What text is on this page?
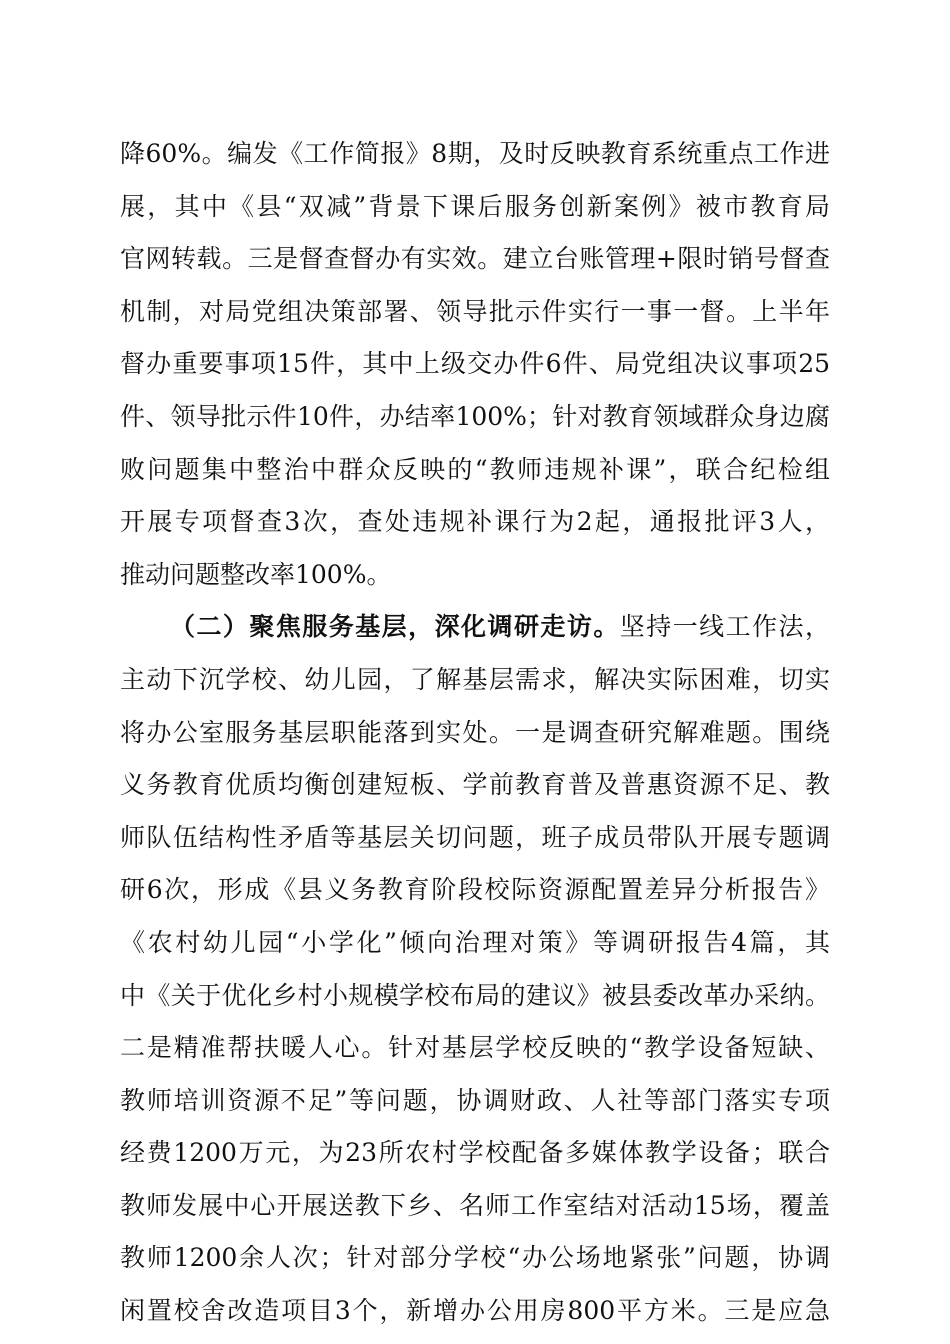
降60%。编发《工作简报》8期，及时反映教育系统重点工作进
展，其中《县“双减”背景下课后服务创新案例》被市教育局
官网转载。三是督查督办有实效。建立台账管理+限时销号督查
机制，对局党组决策部署、领导批示件实行一事一督。上半年
督办重要事项15件，其中上级交办件6件、局党组决议事项25
件、领导批示件10件，办结率100%；针对教育领域群众身边腐
败问题集中整治中群众反映的“教师违规补课”，联合纪检组
开展专项督查3次，查处违规补课行为2起，通报批评3人，
推动问题整改率100%。
（二）聚焦服务基层，深化调研走访。坚持一线工作法，
主动下沉学校、幼儿园，了解基层需求，解决实际困难，切实
将办公室服务基层职能落到实处。一是调查研究解难题。围绕
义务教育优质均衡创建短板、学前教育普及普惠资源不足、教
师队伍结构性矛盾等基层关切问题，班子成员带队开展专题调
研6次，形成《县义务教育阶段校际资源配置差异分析报告》
《农村幼儿园“小学化”倾向治理对策》等调研报告4篇，其
中《关于优化乡村小规模学校布局的建议》被县委改革办采纳。
二是精准帮扶暖人心。针对基层学校反映的“教学设备短缺、
教师培训资源不足”等问题，协调财政、人社等部门落实专项
经费1200万元，为23所农村学校配备多媒体教学设备；联合
教师发展中心开展送教下乡、名师工作室结对活动15场，覆盖
教师1200余人次；针对部分学校“办公场地紧张”问题，协调
闲置校舍改造项目3个，新增办公用房800平方米。三是应急
